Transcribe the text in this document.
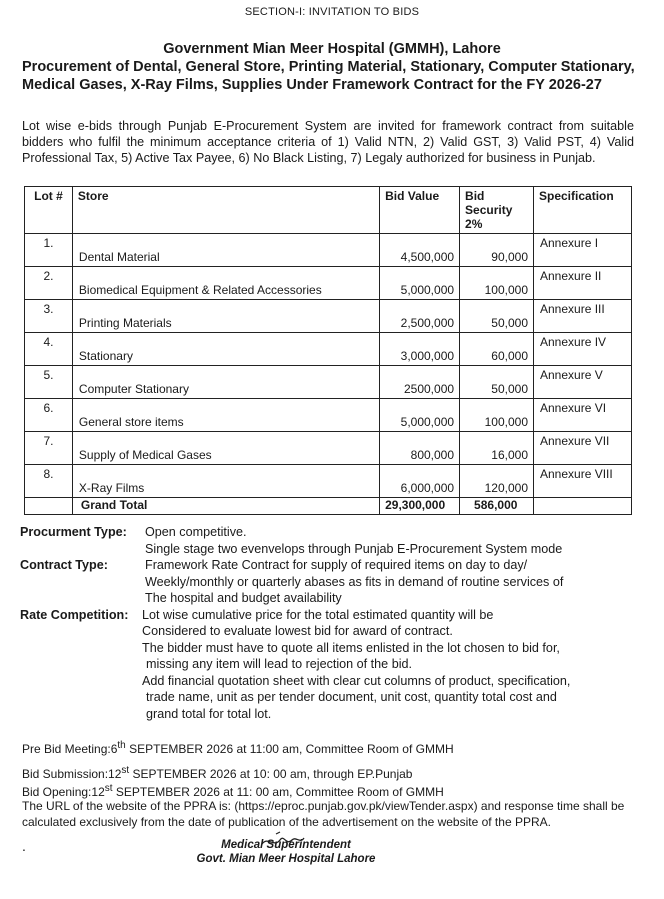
SECTION-I: INVITATION TO BIDS
Government Mian Meer Hospital (GMMH), Lahore
Procurement of Dental, General Store, Printing Material, Stationary, Computer Stationary, Medical Gases, X-Ray Films, Supplies Under Framework Contract for the FY 2026-27
Lot wise e-bids through Punjab E-Procurement System are invited for framework contract from suitable bidders who fulfil the minimum acceptance criteria of 1) Valid NTN, 2) Valid GST, 3) Valid PST, 4) Valid Professional Tax, 5) Active Tax Payee, 6) No Black Listing, 7) Legaly authorized for business in Punjab.
Lot #	Store	Bid Value	Bid Security 2%	Specification
1.	Dental Material	4,500,000	90,000	Annexure I
2.	Biomedical Equipment & Related Accessories	5,000,000	100,000	Annexure II
3.	Printing Materials	2,500,000	50,000	Annexure III
4.	Stationary	3,000,000	60,000	Annexure IV
5.	Computer Stationary	2500,000	50,000	Annexure V
6.	General store items	5,000,000	100,000	Annexure VI
7.	Supply of Medical Gases	800,000	16,000	Annexure VII
8.	X-Ray Films	6,000,000	120,000	Annexure VIII
	Grand Total	29,300,000	586,000	
Procurment Type: Open competitive.

Single stage two evenvelops through Punjab E-Procurement System mode

Contract Type:	Framework Rate Contract for supply of required items on day to day/

Weekly/monthly or quarterly abases as fits in demand of routine services of

The hospital and budget availability

Rate Competition: Lot wise cumulative price for the total estimated quantity will be

Considered to evaluate lowest bid for award of contract.

The bidder must have to quote all items enlisted in the lot chosen to bid for,

missing any item will lead to rejection of the bid.

Add financial quotation sheet with clear cut columns of product, specification,

trade name, unit as per tender document, unit cost, quantity total cost and

grand total for total lot.

Pre Bid Meeting:6th SEPTEMBER 2026 at 11:00 am, Committee Room of GMMH
Bid Submission:12st SEPTEMBER 2026 at 10: 00 am, through EP.Punjab
Bid Opening:12st SEPTEMBER 2026 at 11: 00 am, Committee Room of GMMH
The URL of the website of the PPRA is: (https://eproc.punjab.gov.pk/viewTender.aspx) and response time shall be calculated exclusively from the date of publication of the advertisement on the website of the PPRA.
.	Medical Superintendent
Govt. Mian Meer Hospital Lahore
